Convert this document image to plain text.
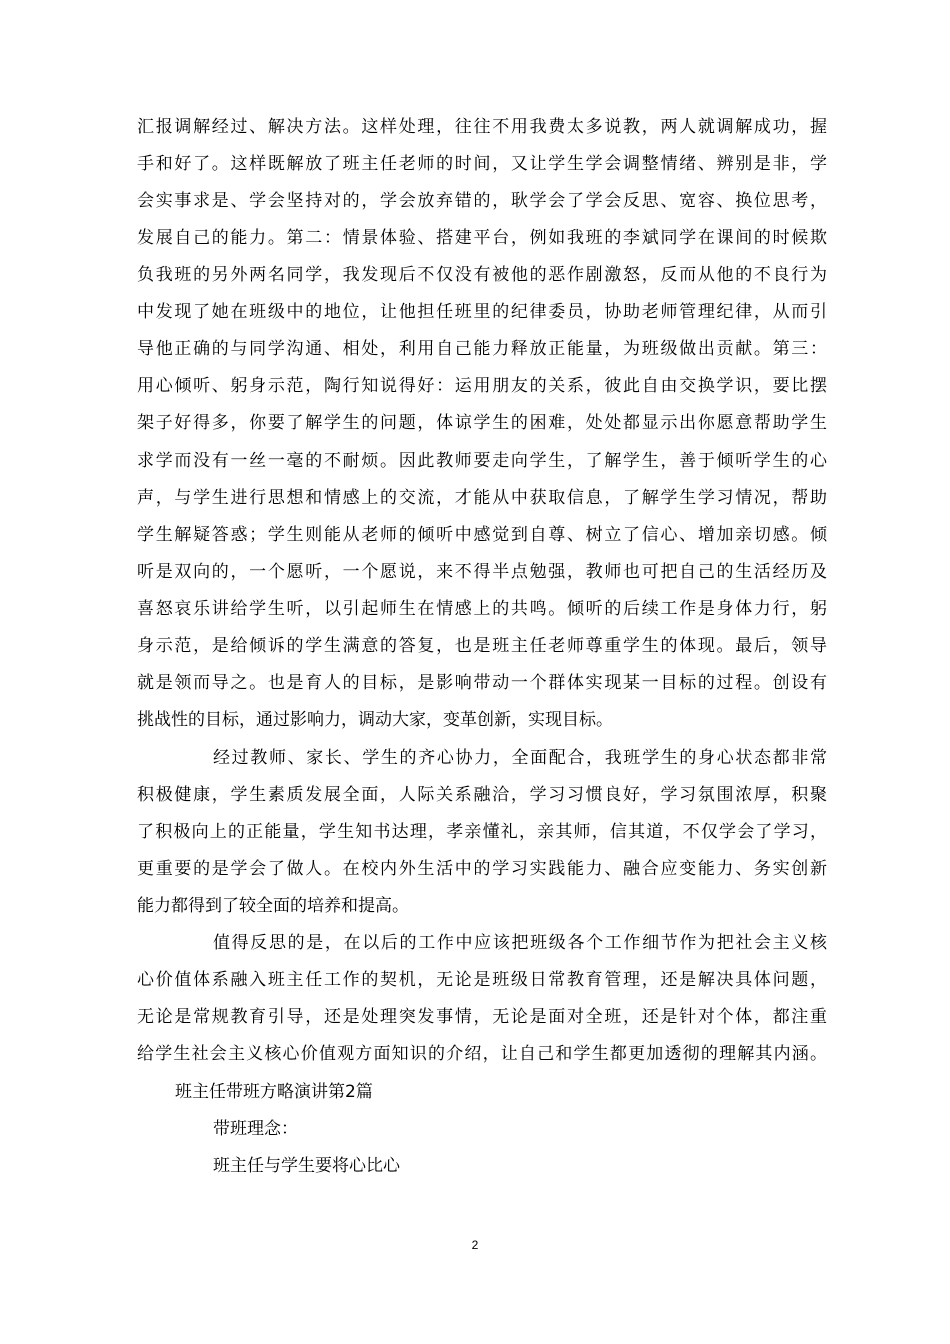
汇报调解经过、解决方法。这样处理，往往不用我费太多说教，两人就调解成功，握
手和好了。这样既解放了班主任老师的时间，又让学生学会调整情绪、辨别是非，学
会实事求是、学会坚持对的，学会放弃错的，耿学会了学会反思、宽容、换位思考，
发展自己的能力。第二：情景体验、搭建平台，例如我班的李斌同学在课间的时候欺
负我班的另外两名同学，我发现后不仅没有被他的恶作剧激怒，反而从他的不良行为
中发现了她在班级中的地位，让他担任班里的纪律委员，协助老师管理纪律，从而引
导他正确的与同学沟通、相处，利用自己能力释放正能量，为班级做出贡献。第三：
用心倾听、躬身示范，陶行知说得好：运用朋友的关系，彼此自由交换学识，要比摆
架子好得多，你要了解学生的问题，体谅学生的困难，处处都显示出你愿意帮助学生
求学而没有一丝一毫的不耐烦。因此教师要走向学生，了解学生，善于倾听学生的心
声，与学生进行思想和情感上的交流，才能从中获取信息，了解学生学习情况，帮助
学生解疑答惑；学生则能从老师的倾听中感觉到自尊、树立了信心、增加亲切感。倾
听是双向的，一个愿听，一个愿说，来不得半点勉强，教师也可把自己的生活经历及
喜怒哀乐讲给学生听，以引起师生在情感上的共鸣。倾听的后续工作是身体力行，躬
身示范，是给倾诉的学生满意的答复，也是班主任老师尊重学生的体现。最后，领导
就是领而导之。也是育人的目标，是影响带动一个群体实现某一目标的过程。创设有
挑战性的目标，通过影响力，调动大家，变革创新，实现目标。
经过教师、家长、学生的齐心协力，全面配合，我班学生的身心状态都非常
积极健康，学生素质发展全面，人际关系融洽，学习习惯良好，学习氛围浓厚，积聚
了积极向上的正能量，学生知书达理，孝亲懂礼，亲其师，信其道，不仅学会了学习，
更重要的是学会了做人。在校内外生活中的学习实践能力、融合应变能力、务实创新
能力都得到了较全面的培养和提高。
值得反思的是，在以后的工作中应该把班级各个工作细节作为把社会主义核
心价值体系融入班主任工作的契机，无论是班级日常教育管理，还是解决具体问题，
无论是常规教育引导，还是处理突发事情，无论是面对全班，还是针对个体，都注重
给学生社会主义核心价值观方面知识的介绍，让自己和学生都更加透彻的理解其内涵。
班主任带班方略演讲第2篇
带班理念：
班主任与学生要将心比心
2
